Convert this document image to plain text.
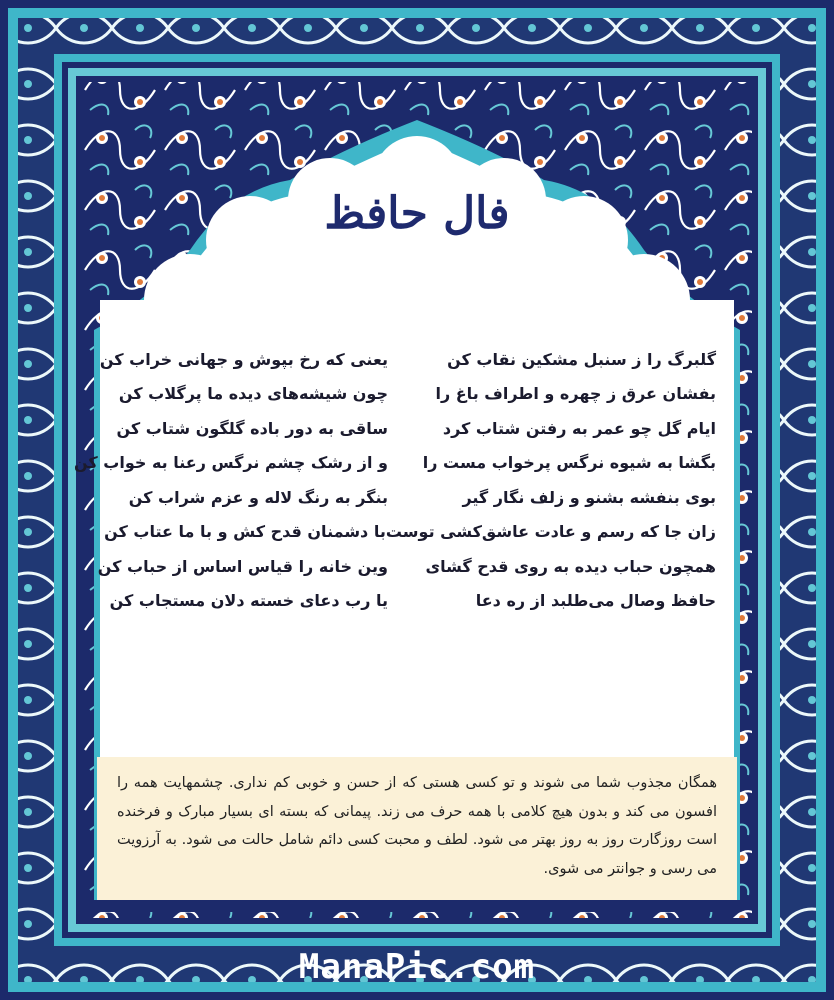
فال حافظ
گلبرگ را ز سنبل مشکین نقاب کن
یعنی که رخ بپوش و جهانی خراب کن
بفشان عرق ز چهره و اطراف باغ را
چون شیشه‌های دیده ما پرگلاب کن
ایام گل چو عمر به رفتن شتاب کرد
ساقی به دور باده گلگون شتاب کن
بگشا به شیوه نرگس پرخواب مست را
و از رشک چشم نرگس رعنا به خواب کن
بوی بنفشه بشنو و زلف نگار گیر
بنگر به رنگ لاله و عزم شراب کن
زان جا که رسم و عادت عاشق‌کشی توست
با دشمنان قدح کش و با ما عتاب کن
همچون حباب دیده به روی قدح گشای
وین خانه را قیاس اساس از حباب کن
حافظ وصال می‌طلبد از ره دعا
یا رب دعای خسته دلان مستجاب کن
همگان مجذوب شما می شوند و تو کسی هستی که از حسن و خوبی کم نداری. چشمهایت همه را افسون می کند و بدون هیچ کلامی با همه حرف می زند. پیمانی که بسته ای بسیار مبارک و فرخنده است روزگارت روز به روز بهتر می شود. لطف و محبت کسی دائم شامل حالت می شود. به آرزویت می رسی و جوانتر می شوی.
ManaPic.com
